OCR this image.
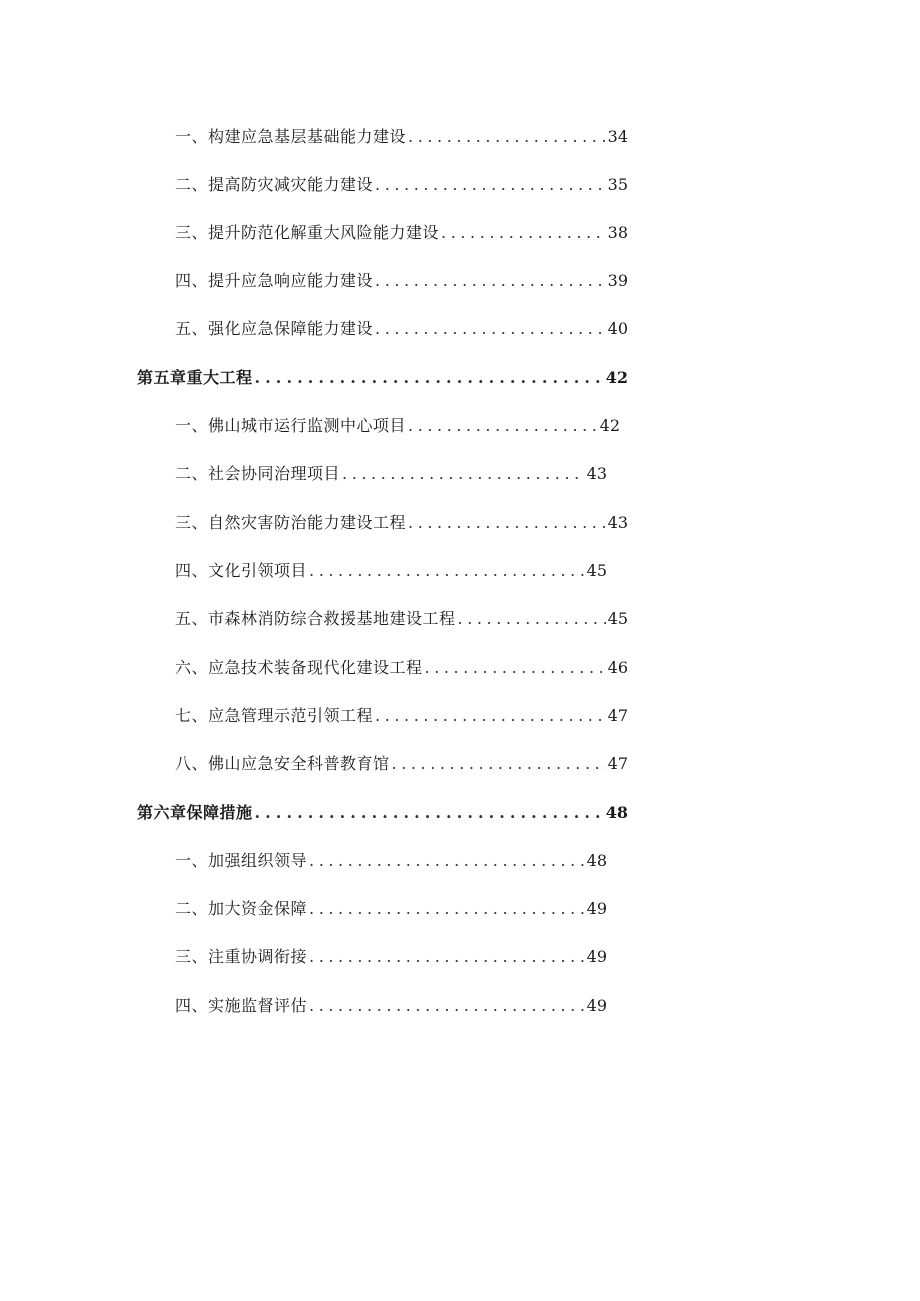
一、构建应急基层基础能力建设 . . .	34
二、提高防灾减灾能力建设 . . .	35
三、提升防范化解重大风险能力建设 . . .	38
四、提升应急响应能力建设 . . .	39
五、强化应急保障能力建设 . . .	40
第五章重大工程 . . .	42
一、佛山城市运行监测中心项目 . . .	42
二、社会协同治理项目 . . .	43
三、自然灾害防治能力建设工程 . . .	43
四、文化引领项目 . . .	45
五、市森林消防综合救援基地建设工程 . . .	45
六、应急技术装备现代化建设工程 . . .	46
七、应急管理示范引领工程 . . .	47
八、佛山应急安全科普教育馆 . . .	47
第六章保障措施 . . .	48
一、加强组织领导 . . .	48
二、加大资金保障 . . .	49
三、注重协调衔接 . . .	49
四、实施监督评估 . . .	49
